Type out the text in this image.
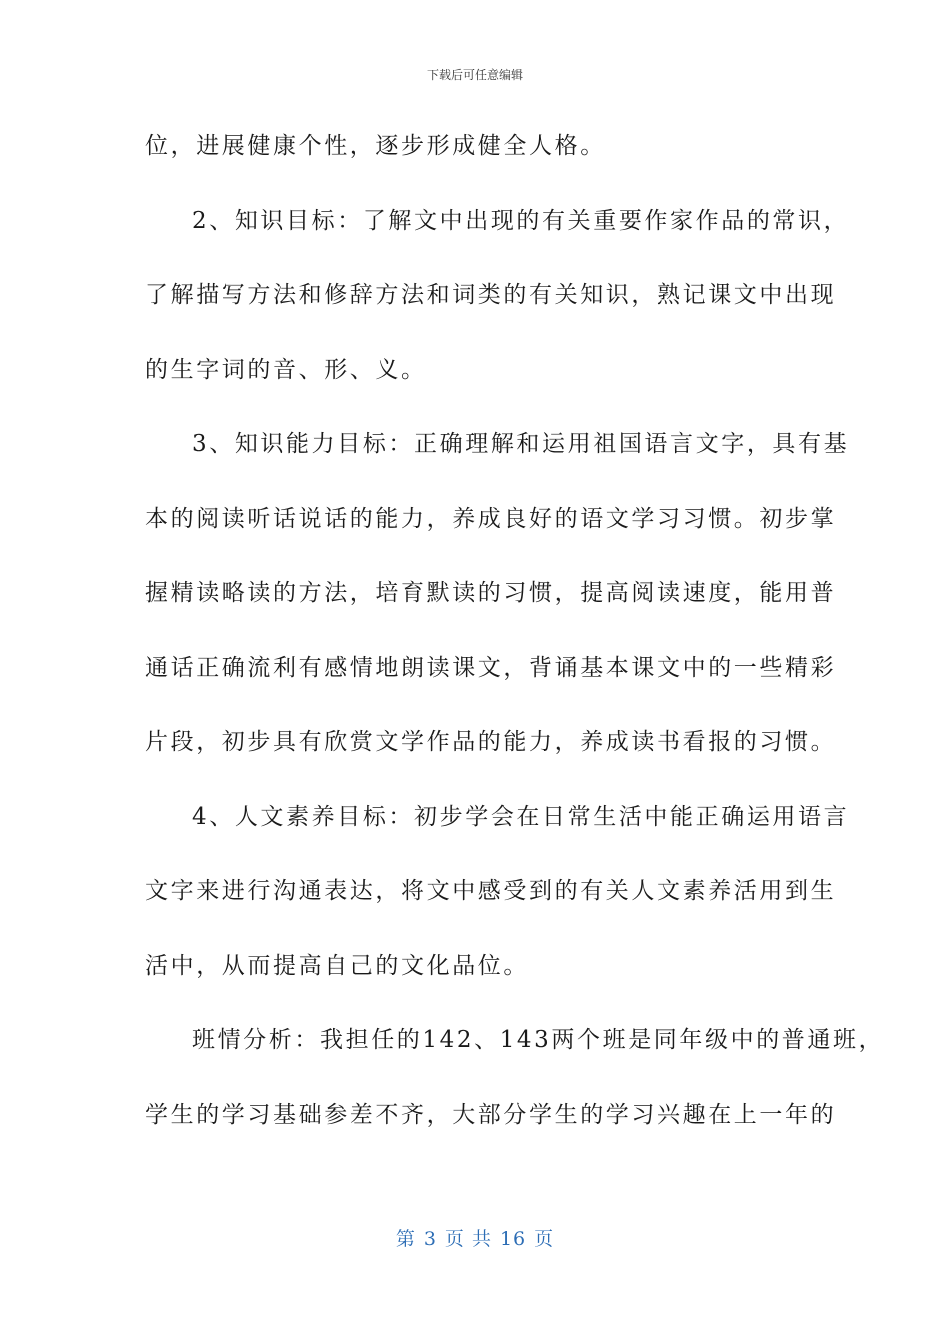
下载后可任意编辑
位，进展健康个性，逐步形成健全人格。
2、知识目标：了解文中出现的有关重要作家作品的常识，
了解描写方法和修辞方法和词类的有关知识，熟记课文中出现
的生字词的音、形、义。
3、知识能力目标：正确理解和运用祖国语言文字，具有基
本的阅读听话说话的能力，养成良好的语文学习习惯。初步掌
握精读略读的方法，培育默读的习惯，提高阅读速度，能用普
通话正确流利有感情地朗读课文，背诵基本课文中的一些精彩
片段，初步具有欣赏文学作品的能力，养成读书看报的习惯。
4、人文素养目标：初步学会在日常生活中能正确运用语言
文字来进行沟通表达，将文中感受到的有关人文素养活用到生
活中，从而提高自己的文化品位。
班情分析：我担任的142、143两个班是同年级中的普通班，
学生的学习基础参差不齐，大部分学生的学习兴趣在上一年的
第 3 页 共 16 页
